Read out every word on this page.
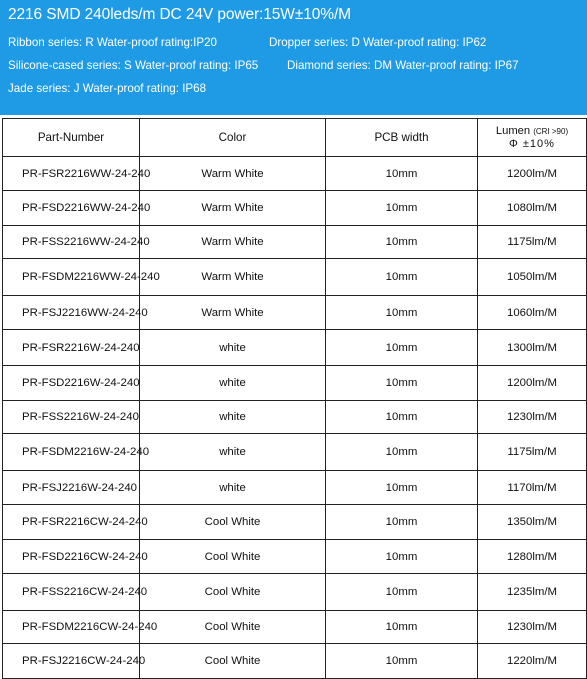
2216 SMD 240leds/m DC 24V power:15W±10%/M
Ribbon series: R Water-proof rating:IP20	Dropper series: D Water-proof rating: IP62
Silicone-cased series: S Water-proof rating: IP65 Diamond series: DM Water-proof rating: IP67
Jade series: J Water-proof rating: IP68
Part-Number	Color	PCB width	Lumen (CRI >90)
Φ ±10%

PR-FSR2216WW-24-240	Warm White	10mm	1200lm/M
PR-FSD2216WW-24-240	Warm White	10mm	1080lm/M
PR-FSS2216WW-24-240	Warm White	10mm	1175lm/M
PR-FSDM2216WW-24-240	Warm White	10mm	1050lm/M
PR-FSJ2216WW-24-240	Warm White	10mm	1060lm/M
PR-FSR2216W-24-240	white	10mm	1300lm/M
PR-FSD2216W-24-240	white	10mm	1200lm/M
PR-FSS2216W-24-240	white	10mm	1230lm/M
PR-FSDM2216W-24-240	white	10mm	1175lm/M
PR-FSJ2216W-24-240	white	10mm	1170lm/M
PR-FSR2216CW-24-240	Cool White	10mm	1350lm/M
PR-FSD2216CW-24-240	Cool White	10mm	1280lm/M
PR-FSS2216CW-24-240	Cool White	10mm	1235lm/M
PR-FSDM2216CW-24-240	Cool White	10mm	1230lm/M
PR-FSJ2216CW-24-240	Cool White	10mm	1220lm/M
